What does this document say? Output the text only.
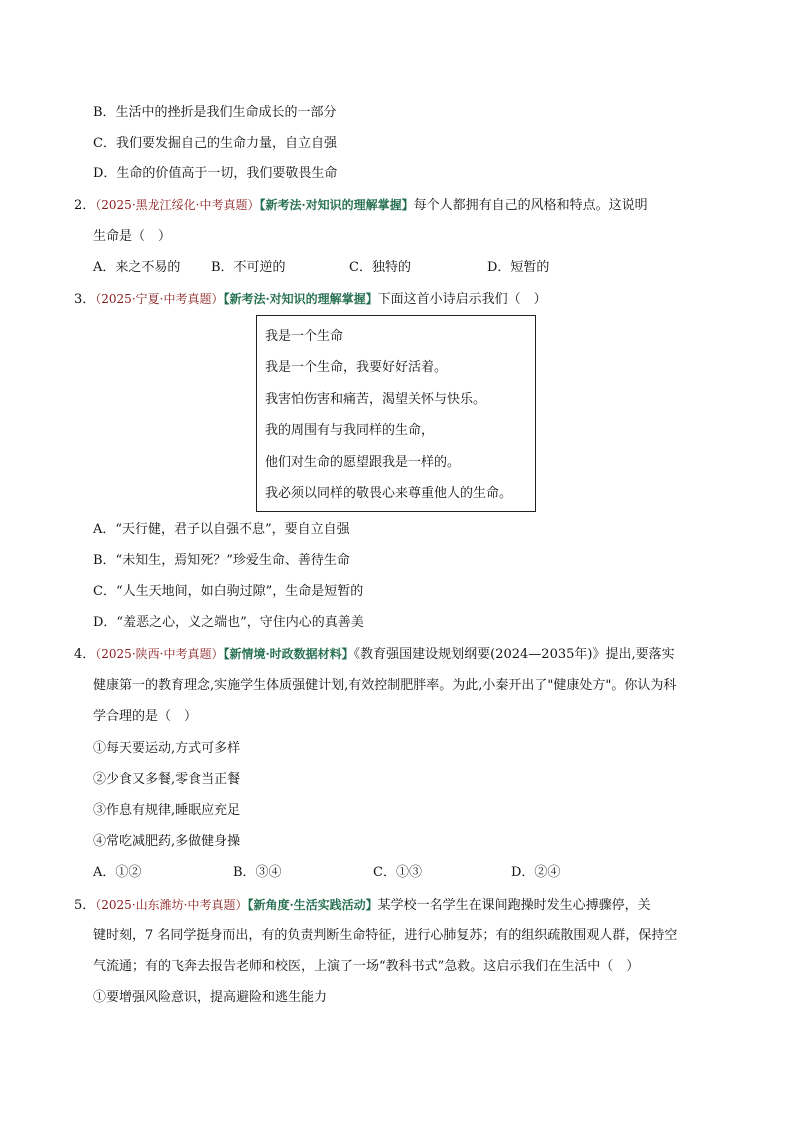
B．生活中的挫折是我们生命成长的一部分
C．我们要发掘自己的生命力量，自立自强
D．生命的价值高于一切，我们要敬畏生命
2．（2025·黑龙江绥化·中考真题）【新考法·对知识的理解掌握】每个人都拥有自己的风格和特点。这说明
生命是（　）
A．来之不易的 B．不可逆的	C．独特的	D．短暂的
3．（2025·宁夏·中考真题）【新考法·对知识的理解掌握】下面这首小诗启示我们（　）
我是一个生命
我是一个生命，我要好好活着。
我害怕伤害和痛苦，渴望关怀与快乐。
我的周围有与我同样的生命，
他们对生命的愿望跟我是一样的。
我必须以同样的敬畏心来尊重他人的生命。
A．“天行健，君子以自强不息”，要自立自强
B．“未知生，焉知死？”珍爱生命、善待生命
C．“人生天地间，如白驹过隙”，生命是短暂的
D．“羞恶之心，义之端也”，守住内心的真善美
4．（2025·陕西·中考真题）【新情境·时政数据材料】《教育强国建设规划纲要(2024—2035年)》提出,要落实
健康第一的教育理念,实施学生体质强健计划,有效控制肥胖率。为此,小秦开出了"健康处方"。你认为科
学合理的是（　）
①每天要运动,方式可多样
②少食又多餐,零食当正餐
③作息有规律,睡眠应充足
④常吃减肥药,多做健身操
A．①②	B．③④	C．①③	D．②④
5．（2025·山东潍坊·中考真题）【新角度·生活实践活动】某学校一名学生在课间跑操时发生心搏骤停，关
键时刻，7 名同学挺身而出，有的负责判断生命特征，进行心肺复苏；有的组织疏散围观人群，保持空
气流通；有的飞奔去报告老师和校医，上演了一场“教科书式”急救。这启示我们在生活中（　）
①要增强风险意识，提高避险和逃生能力
